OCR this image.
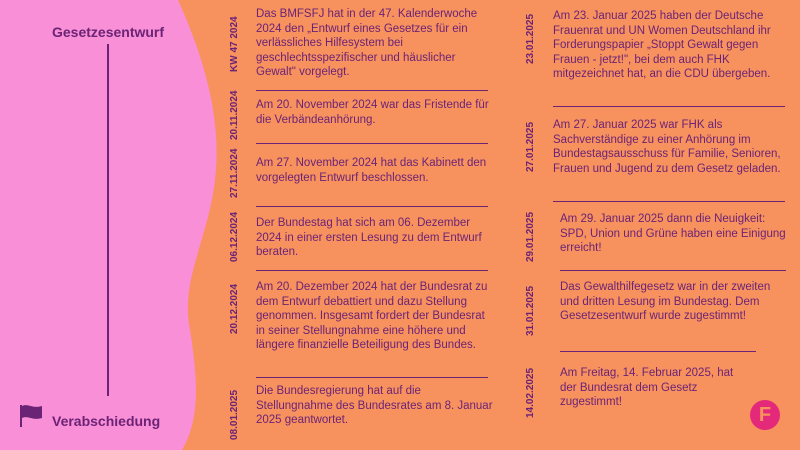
Gesetzesentwurf
Verabschiedung
KW 47 2024
Das BMFSFJ hat in der 47. Kalenderwoche 2024 den „Entwurf eines Gesetzes für ein verlässliches Hilfesystem bei geschlechtsspezifischer und häuslicher Gewalt" vorgelegt.
20.11.2024 Am 20. November 2024 war das Fristende für die Verbändeanhörung.
27.11.2024 Am 27. November 2024 hat das Kabinett den vorgelegten Entwurf beschlossen.
06.12.2024 Der Bundestag hat sich am 06. Dezember 2024 in einer ersten Lesung zu dem Entwurf beraten.
20.12.2024 Am 20. Dezember 2024 hat der Bundesrat zu dem Entwurf debattiert und dazu Stellung genommen. Insgesamt fordert der Bundesrat in seiner Stellungnahme eine höhere und längere finanzielle Beteiligung des Bundes.
08.01.2025 Die Bundesregierung hat auf die Stellungnahme des Bundesrates am 8. Januar 2025 geantwortet.
23.01.2025 Am 23. Januar 2025 haben der Deutsche Frauenrat und UN Women Deutschland ihr Forderungspapier „Stoppt Gewalt gegen Frauen - jetzt!", bei dem auch FHK mitgezeichnet hat, an die CDU übergeben.
27.01.2025 Am 27. Januar 2025 war FHK als Sachverständige zu einer Anhörung im Bundestagsausschuss für Familie, Senioren, Frauen und Jugend zu dem Gesetz geladen.
29.01.2025 Am 29. Januar 2025 dann die Neuigkeit: SPD, Union und Grüne haben eine Einigung erreicht!
31.01.2025 Das Gewalthilfegesetz war in der zweiten und dritten Lesung im Bundestag. Dem Gesetzesentwurf wurde zugestimmt!
14.02.2025 Am Freitag, 14. Februar 2025, hat der Bundesrat dem Gesetz zugestimmt!
F
